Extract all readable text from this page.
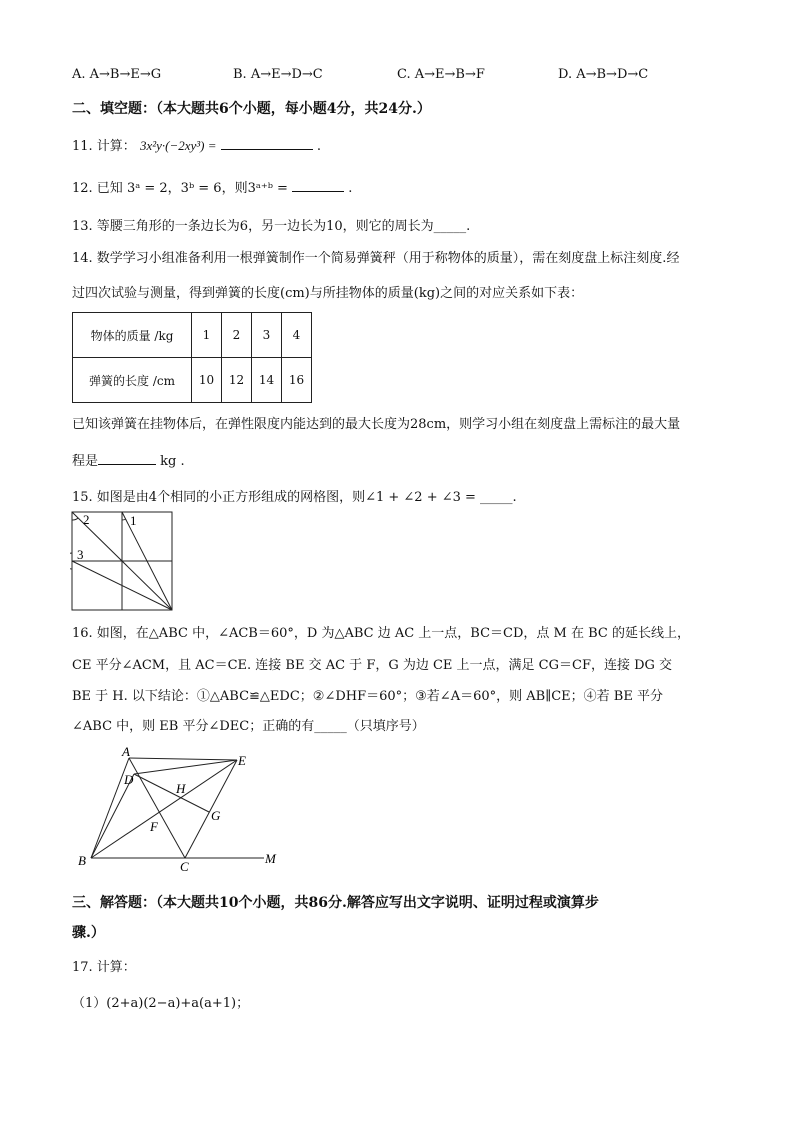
A. A→B→E→G	B. A→E→D→C	C. A→E→B→F	D. A→B→D→C
二、填空题：（本大题共6个小题，每小题4分，共24分.）
11. 计算： 3x²y·(−2xy³) =	.
12. 已知 3ᵃ = 2，3ᵇ = 6，则3ᵃ⁺ᵇ =	.
13. 等腰三角形的一条边长为6，另一边长为10，则它的周长为_____.
14. 数学学习小组准备利用一根弹簧制作一个简易弹簧秤（用于称物体的质量），需在刻度盘上标注刻度.经
过四次试验与测量，得到弹簧的长度(cm)与所挂物体的质量(kg)之间的对应关系如下表：
物体的质量 /kg	1	2	3	4
弹簧的长度 /cm	10	12	14	16
已知该弹簧在挂物体后，在弹性限度内能达到的最大长度为28cm，则学习小组在刻度盘上需标注的最大量
程是	kg .
15. 如图是由4个相同的小正方形组成的网格图，则∠1 + ∠2 + ∠3 = _____.
2	1
3
16. 如图，在△ABC 中，∠ACB＝60°，D 为△ABC 边 AC 上一点，BC＝CD，点 M 在 BC 的延长线上，
CE 平分∠ACM，且 AC＝CE. 连接 BE 交 AC 于 F，G 为边 CE 上一点，满足 CG＝CF，连接 DG 交
BE 于 H. 以下结论：①△ABC≌△EDC；②∠DHF＝60°；③若∠A＝60°，则 AB∥CE；④若 BE 平分
∠ABC 中，则 EB 平分∠DEC；正确的有_____（只填序号）
A
D
E
H
G
F
B	C
M
三、解答题：（本大题共10个小题，共86分.解答应写出文字说明、证明过程或演算步
骤.）
17. 计算：
（1）(2+a)(2−a)+a(a+1)；
